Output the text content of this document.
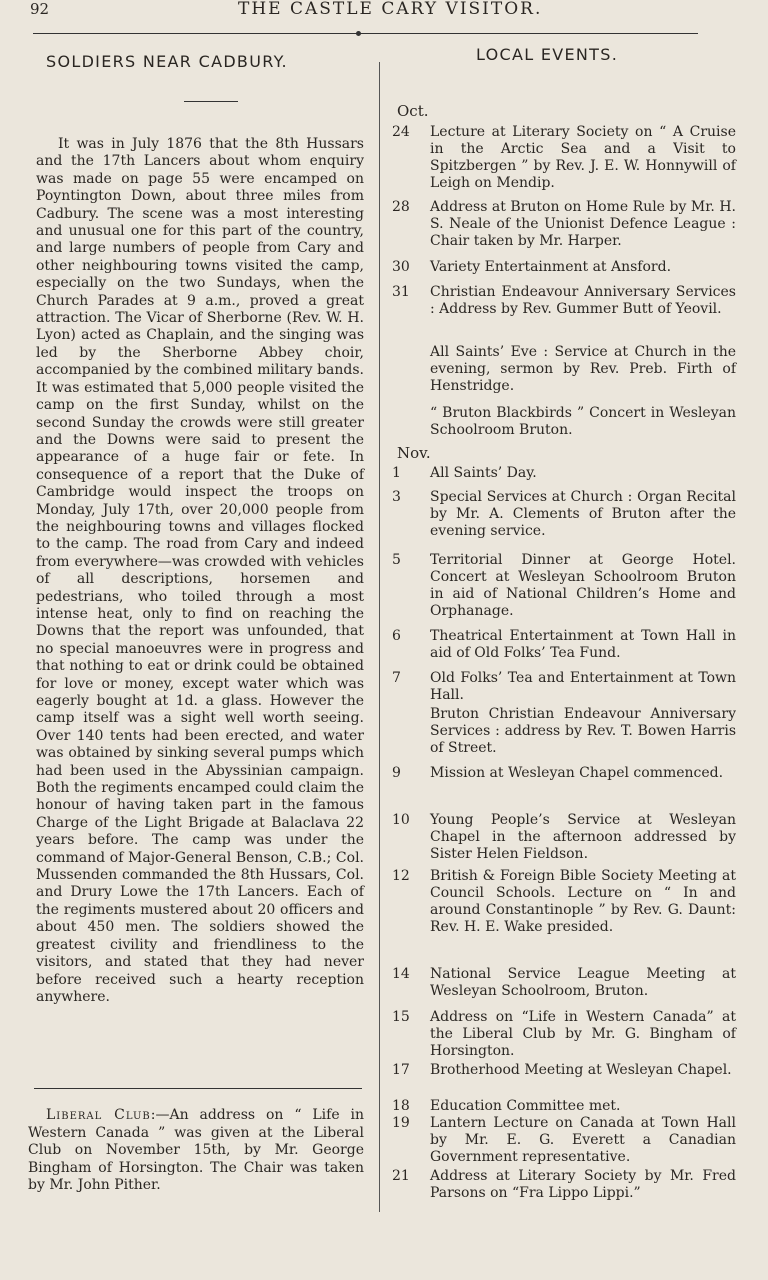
92	THE CASTLE CARY VISITOR.
SOLDIERS NEAR CADBURY.
It was in July 1876 that the 8th Hussars and the 17th Lancers about whom enquiry was made on page 55 were encamped on Poyntington Down, about three miles from Cadbury. The scene was a most interesting and unusual one for this part of the country, and large numbers of people from Cary and other neighbouring towns visited the camp, especially on the two Sundays, when the Church Parades at 9 a.m., proved a great attraction. The Vicar of Sherborne (Rev. W. H. Lyon) acted as Chaplain, and the singing was led by the Sherborne Abbey choir, accompanied by the combined military bands. It was estimated that 5,000 people visited the camp on the first Sunday, whilst on the second Sunday the crowds were still greater and the Downs were said to present the appearance of a huge fair or fete. In consequence of a report that the Duke of Cambridge would inspect the troops on Monday, July 17th, over 20,000 people from the neighbouring towns and villages flocked to the camp. The road from Cary and indeed from everywhere—was crowded with vehicles of all descriptions, horsemen and pedestrians, who toiled through a most intense heat, only to find on reaching the Downs that the report was unfounded, that no special manoeuvres were in progress and that nothing to eat or drink could be obtained for love or money, except water which was eagerly bought at 1d. a glass. However the camp itself was a sight well worth seeing. Over 140 tents had been erected, and water was obtained by sinking several pumps which had been used in the Abyssinian campaign. Both the regiments encamped could claim the honour of having taken part in the famous Charge of the Light Brigade at Balaclava 22 years before. The camp was under the command of Major-General Benson, C.B.; Col. Mussenden commanded the 8th Hussars, Col. and Drury Lowe the 17th Lancers. Each of the regiments mustered about 20 officers and about 450 men. The soldiers showed the greatest civility and friendliness to the visitors, and stated that they had never before received such a hearty reception anywhere.
Liberal Club:—An address on “ Life in Western Canada ” was given at the Liberal Club on November 15th, by Mr. George Bingham of Horsington. The Chair was taken by Mr. John Pither.
LOCAL EVENTS.
Oct.
24	Lecture at Literary Society on “ A Cruise in the Arctic Sea and a Visit to Spitzbergen ” by Rev. J. E. W. Honnywill of Leigh on Mendip.
28	Address at Bruton on Home Rule by Mr. H. S. Neale of the Unionist Defence League : Chair taken by Mr. Harper.
30	Variety Entertainment at Ansford.
31	Christian Endeavour Anniversary Services : Address by Rev. Gummer Butt of Yeovil.
All Saints’ Eve : Service at Church in the evening, sermon by Rev. Preb. Firth of Henstridge.
“ Bruton Blackbirds ” Concert in Wesleyan Schoolroom Bruton.
Nov.
1	All Saints’ Day.
3	Special Services at Church : Organ Recital by Mr. A. Clements of Bruton after the evening service.
5	Territorial Dinner at George Hotel. Concert at Wesleyan Schoolroom Bruton in aid of National Children’s Home and Orphanage.
6	Theatrical Entertainment at Town Hall in aid of Old Folks’ Tea Fund.
7	Old Folks’ Tea and Entertainment at Town Hall.
Bruton Christian Endeavour Anniversary Services : address by Rev. T. Bowen Harris of Street.
9	Mission at Wesleyan Chapel commenced.
10	Young People’s Service at Wesleyan Chapel in the afternoon addressed by Sister Helen Fieldson.
12	British & Foreign Bible Society Meeting at Council Schools. Lecture on “ In and around Constantinople ” by Rev. G. Daunt: Rev. H. E. Wake presided.
14	National Service League Meeting at Wesleyan Schoolroom, Bruton.
15	Address on “Life in Western Canada” at the Liberal Club by Mr. G. Bingham of Horsington.
17	Brotherhood Meeting at Wesleyan Chapel.
18	Education Committee met.
19	Lantern Lecture on Canada at Town Hall by Mr. E. G. Everett a Canadian Government representative.
21	Address at Literary Society by Mr. Fred Parsons on “Fra Lippo Lippi.”
